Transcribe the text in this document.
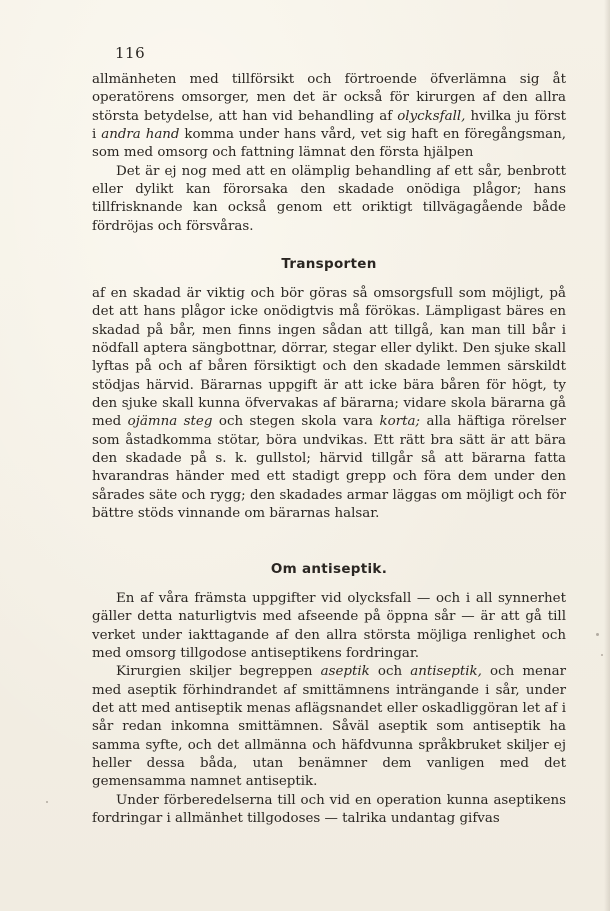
116

allmänheten med tillförsikt och förtroende öfverlämna sig åt operatörens omsorger, men det är också för kirurgen af den allra största betydelse, att han vid behandling af olycksfall, hvilka ju först i andra hand komma under hans vård, vet sig haft en föregångsman, som med omsorg och fattning lämnat den första hjälpen

Det är ej nog med att en olämplig behandling af ett sår, benbrott eller dylikt kan förorsaka den skadade onödiga plågor; hans tillfrisknande kan också genom ett oriktigt tillvägagående både fördröjas och försvåras.

Transporten

af en skadad är viktig och bör göras så omsorgsfull som möjligt, på det att hans plågor icke onödigtvis må förökas. Lämpligast bäres en skadad på bår, men finns ingen sådan att tillgå, kan man till bår i nödfall aptera sängbottnar, dörrar, stegar eller dylikt. Den sjuke skall lyftas på och af båren försiktigt och den skadade lemmen särskildt stödjas härvid. Bärarnas uppgift är att icke bära båren för högt, ty den sjuke skall kunna öfvervakas af bärarna; vidare skola bärarna gå med ojämna steg och stegen skola vara korta; alla häftiga rörelser som åstadkomma stötar, böra undvikas. Ett rätt bra sätt är att bära den skadade på s. k. gullstol; härvid tillgår så att bärarna fatta hvarandras händer med ett stadigt grepp och föra dem under den sårades säte och rygg; den skadades armar läggas om möjligt och för bättre stöds vinnande om bärarnas halsar.

Om antiseptik.

En af våra främsta uppgifter vid olycksfall — och i all synnerhet gäller detta naturligtvis med afseende på öppna sår — är att gå till verket under iakttagande af den allra största möjliga renlighet och med omsorg tillgodose antiseptikens fordringar.

Kirurgien skiljer begreppen aseptik och antiseptik, och menar med aseptik förhindrandet af smittämnens inträngande i sår, under det att med antiseptik menas aflägsnandet eller oskadliggöran let af i sår redan inkomna smittämnen. Såväl aseptik som antiseptik ha samma syfte, och det allmänna och häfdvunna språkbruket skiljer ej heller dessa båda, utan benämner dem vanligen med det gemensamma namnet antiseptik.

Under förberedelserna till och vid en operation kunna aseptikens fordringar i allmänhet tillgodoses — talrika undantag gifvas
